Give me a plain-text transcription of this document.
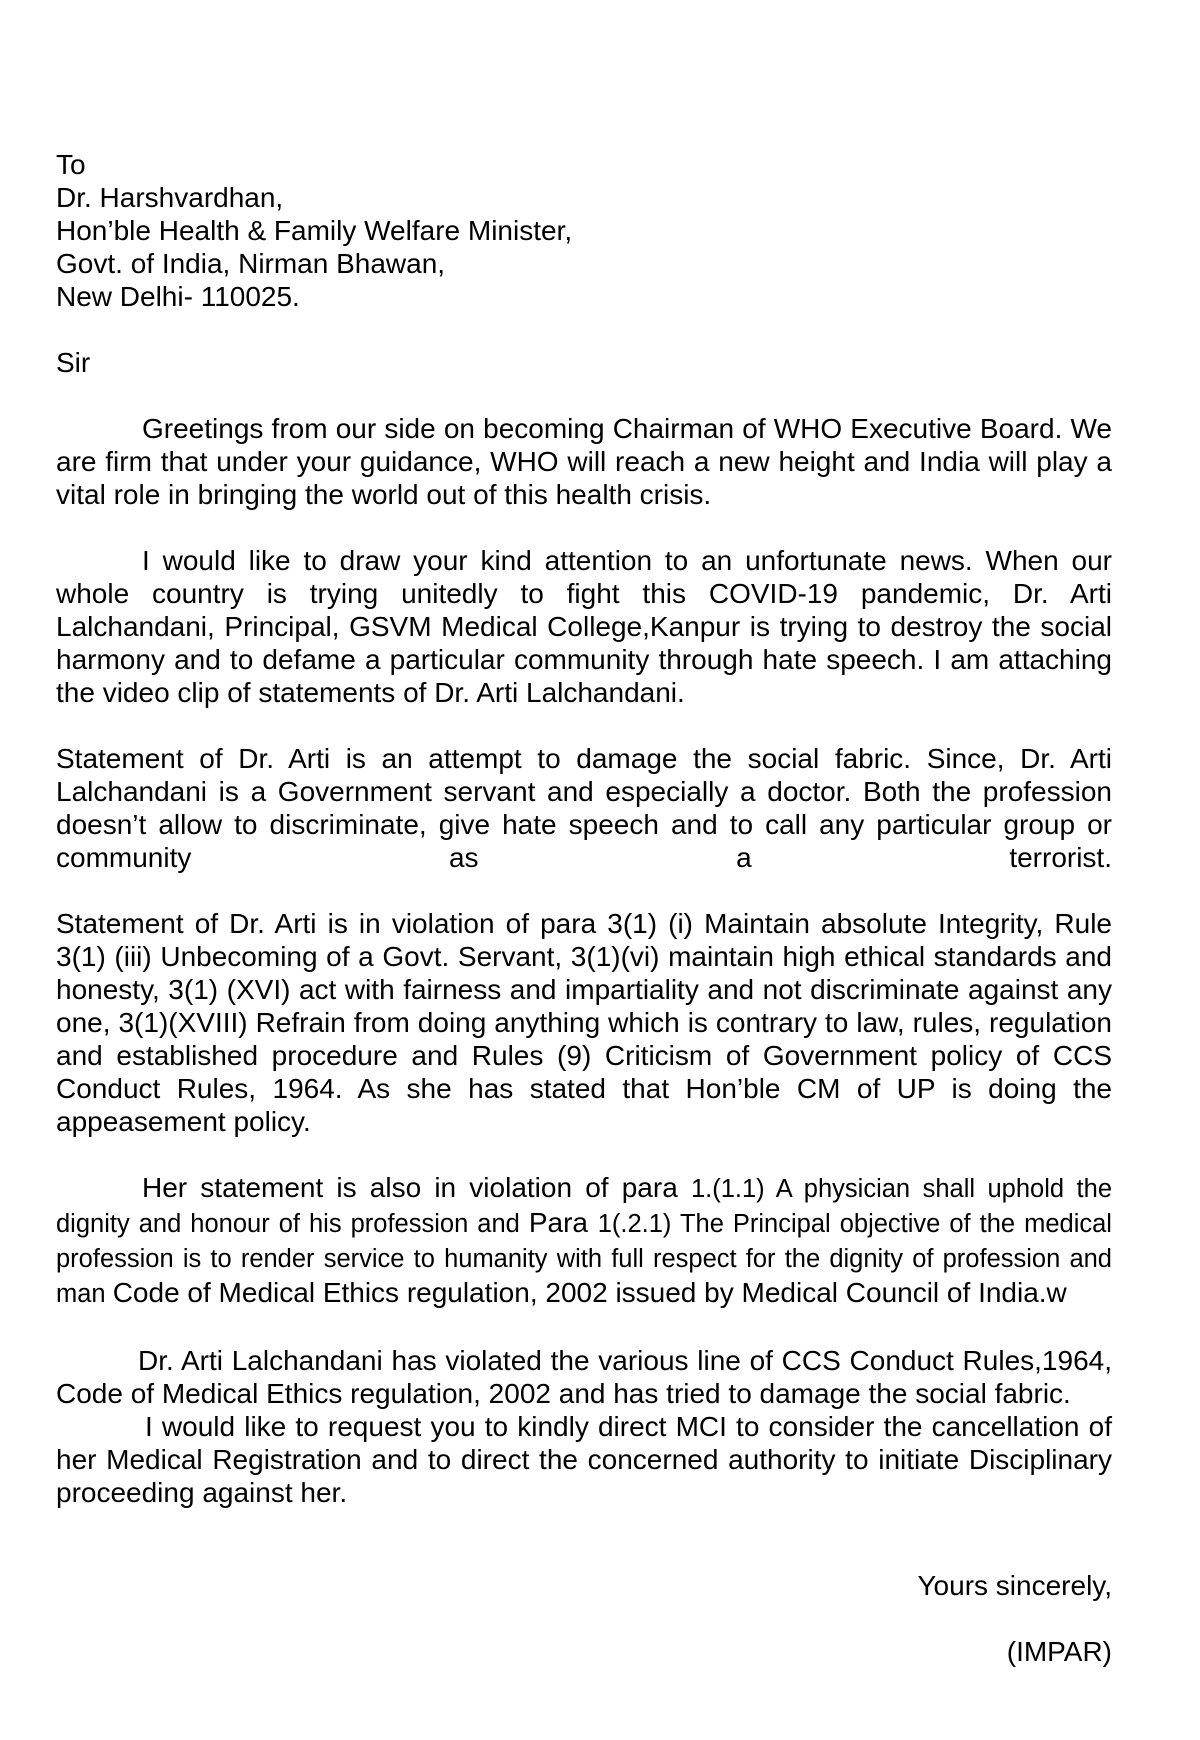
To
Dr. Harshvardhan,
Hon’ble Health & Family Welfare Minister,
Govt. of India, Nirman Bhawan,
New Delhi- 110025.
Sir

Greetings from our side on becoming Chairman of WHO Executive Board. We are firm that under your guidance, WHO will reach a new height and India will play a vital role in bringing the world out of this health crisis.

I would like to draw your kind attention to an unfortunate news. When our whole country is trying unitedly to fight this COVID-19 pandemic, Dr. Arti Lalchandani, Principal, GSVM Medical College,Kanpur is trying to destroy the social harmony and to defame a particular community through hate speech. I am attaching the video clip of statements of Dr. Arti Lalchandani.

Statement of Dr. Arti is an attempt to damage the social fabric. Since, Dr. Arti Lalchandani is a Government servant and especially a doctor. Both the profession doesn’t allow to discriminate, give hate speech and to call any particular group or community as a terrorist.

Statement of Dr. Arti is in violation of para 3(1) (i) Maintain absolute Integrity, Rule 3(1) (iii) Unbecoming of a Govt. Servant, 3(1)(vi) maintain high ethical standards and honesty, 3(1) (XVI) act with fairness and impartiality and not discriminate against any one, 3(1)(XVIII) Refrain from doing anything which is contrary to law, rules, regulation and established procedure and Rules (9) Criticism of Government policy of CCS Conduct Rules, 1964. As she has stated that Hon’ble CM of UP is doing the appeasement policy.

Her statement is also in violation of para 1.(1.1) A physician shall uphold the dignity and honour of his profession and Para 1(.2.1) The Principal objective of the medical profession is to render service to humanity with full respect for the dignity of profession and man Code of Medical Ethics regulation, 2002 issued by Medical Council of India.w

Dr. Arti Lalchandani has violated the various line of CCS Conduct Rules,1964, Code of Medical Ethics regulation, 2002 and has tried to damage the social fabric.

I would like to request you to kindly direct MCI to consider the cancellation of her Medical Registration and to direct the concerned authority to initiate Disciplinary proceeding against her.

Yours sincerely,
(IMPAR)
